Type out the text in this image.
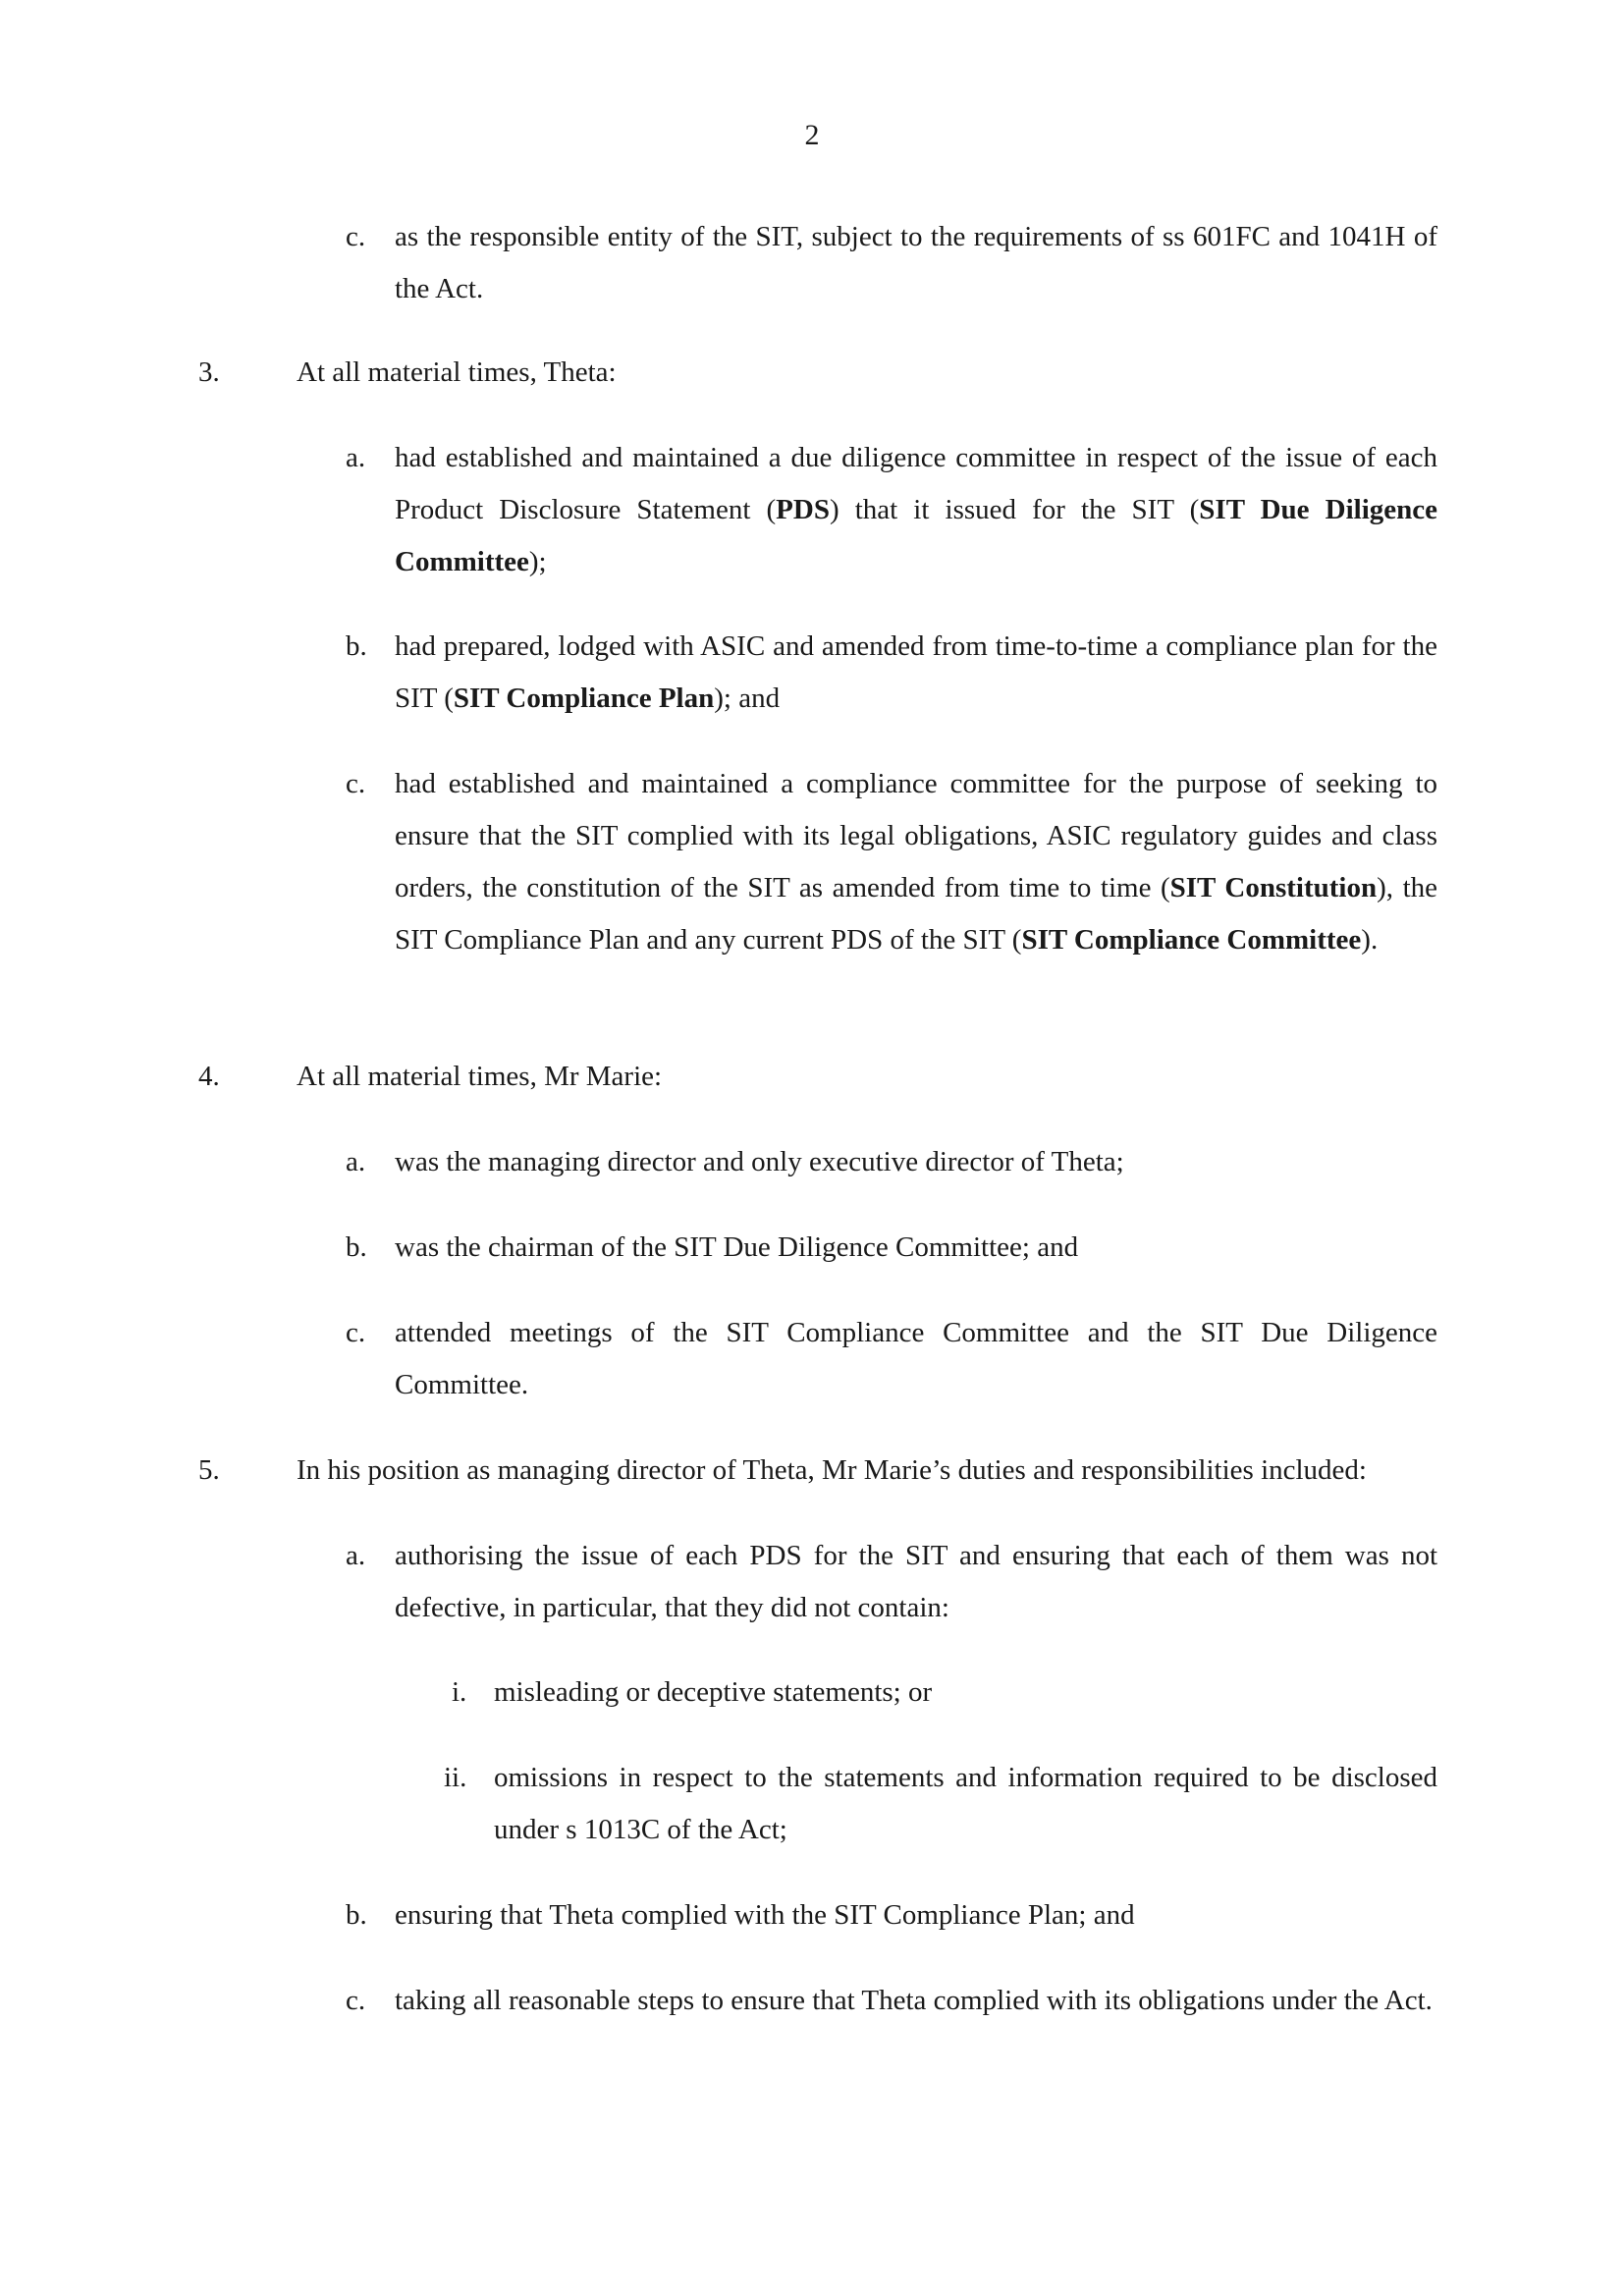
2
c. as the responsible entity of the SIT, subject to the requirements of ss 601FC and 1041H of the Act.
3.	At all material times, Theta:
a. had established and maintained a due diligence committee in respect of the issue of each Product Disclosure Statement (PDS) that it issued for the SIT (SIT Due Diligence Committee);
b. had prepared, lodged with ASIC and amended from time-to-time a compliance plan for the SIT (SIT Compliance Plan); and
c. had established and maintained a compliance committee for the purpose of seeking to ensure that the SIT complied with its legal obligations, ASIC regulatory guides and class orders, the constitution of the SIT as amended from time to time (SIT Constitution), the SIT Compliance Plan and any current PDS of the SIT (SIT Compliance Committee).
4.	At all material times, Mr Marie:
a. was the managing director and only executive director of Theta;
b. was the chairman of the SIT Due Diligence Committee; and
c. attended meetings of the SIT Compliance Committee and the SIT Due Diligence Committee.
5.	In his position as managing director of Theta, Mr Marie’s duties and responsibilities included:
a. authorising the issue of each PDS for the SIT and ensuring that each of them was not defective, in particular, that they did not contain:
i. misleading or deceptive statements; or
ii. omissions in respect to the statements and information required to be disclosed under s 1013C of the Act;
b. ensuring that Theta complied with the SIT Compliance Plan; and
c. taking all reasonable steps to ensure that Theta complied with its obligations under the Act.
